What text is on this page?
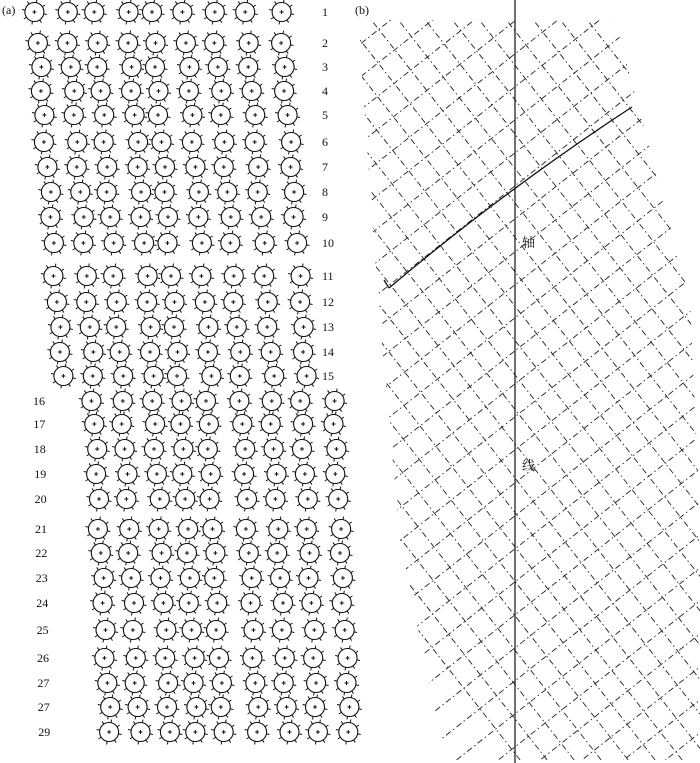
(a)	1
2
3
4
5
6
7
8
9
10
11
12
13
14
15
16
17
18
19
20
21
22
23
24
25
26
27
27
29
(b)
轴
线
